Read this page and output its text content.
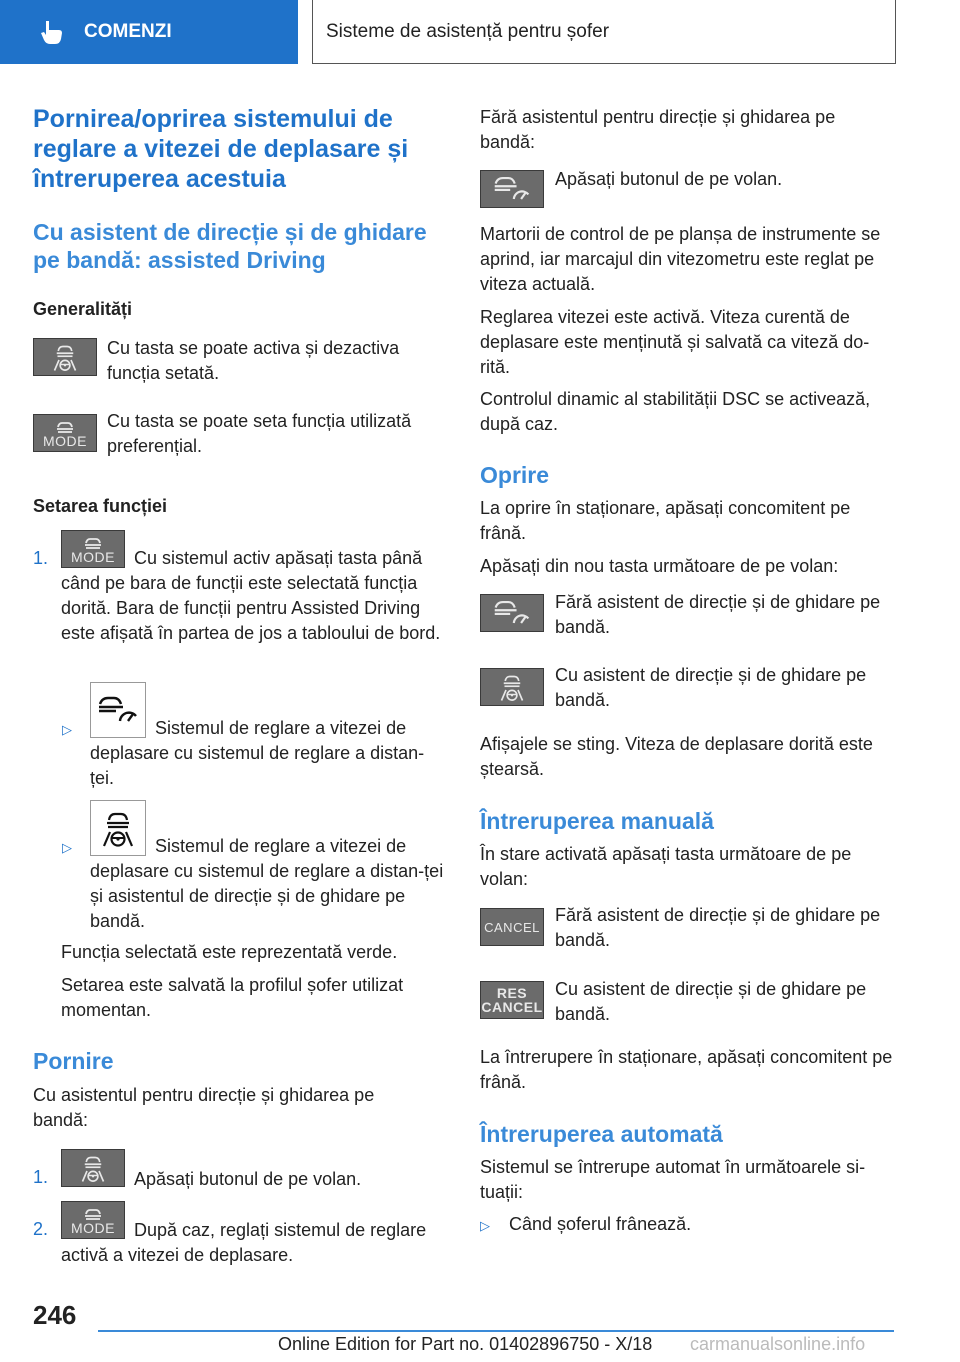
COMENZI	Sisteme de asistență pentru șofer
Pornirea/oprirea sistemului de reglare a vitezei de deplasare și întreruperea acestuia
Cu asistent de direcție și de ghidare pe bandă: assisted Driving
Generalități

Cu tasta se poate activa și dezactiva funcția setată.

MODE

Cu tasta se poate seta funcția utilizată preferențial.

Setarea funcției
1. MODE	Cu sistemul activ apăsați tasta până când pe bara de funcții este selectată funcția dorită. Bara de funcții pentru Assisted Driving este afișată în partea de jos a tabloului de bord.

▷	Sistemul de reglare a vitezei de deplasare cu sistemul de reglare a distan-ței.

▷	Sistemul de reglare a vitezei de deplasare cu sistemul de reglare a distan-ței și asistentul de direcție și de ghidare pe bandă.

Funcția selectată este reprezentată verde.

Setarea este salvată la profilul șofer utilizat momentan.

Pornire

Cu asistentul pentru direcție și ghidarea pe bandă:

1.	Apăsați butonul de pe volan.

2. MODE	După caz, reglați sistemul de reglare activă a vitezei de deplasare.

Fără asistentul pentru direcție și ghidarea pe bandă:

Apăsați butonul de pe volan.

Martorii de control de pe planșa de instrumente se aprind, iar marcajul din vitezometru este reglat pe viteza actuală.

Reglarea vitezei este activă. Viteza curentă de deplasare este menținută și salvată ca viteză do-rită.

Controlul dinamic al stabilității DSC se activează, după caz.

Oprire

La oprire în staționare, apăsați concomitent pe frână.

Apăsați din nou tasta următoare de pe volan:

Fără asistent de direcție și de ghidare pe bandă.

Cu asistent de direcție și de ghidare pe bandă.

Afișajele se sting. Viteza de deplasare dorită este ștearsă.

Întreruperea manuală

În stare activată apăsați tasta următoare de pe volan:

CANCEL

Fără asistent de direcție și de ghidare pe bandă.

RES
CANCEL

Cu asistent de direcție și de ghidare pe bandă.

La întrerupere în staționare, apăsați concomitent pe frână.

Întreruperea automată

Sistemul se întrerupe automat în următoarele si-tuații:

▷ Când șoferul frânează.

246
Online Edition for Part no. 01402896750 - X/18 carmanualsonline.info
